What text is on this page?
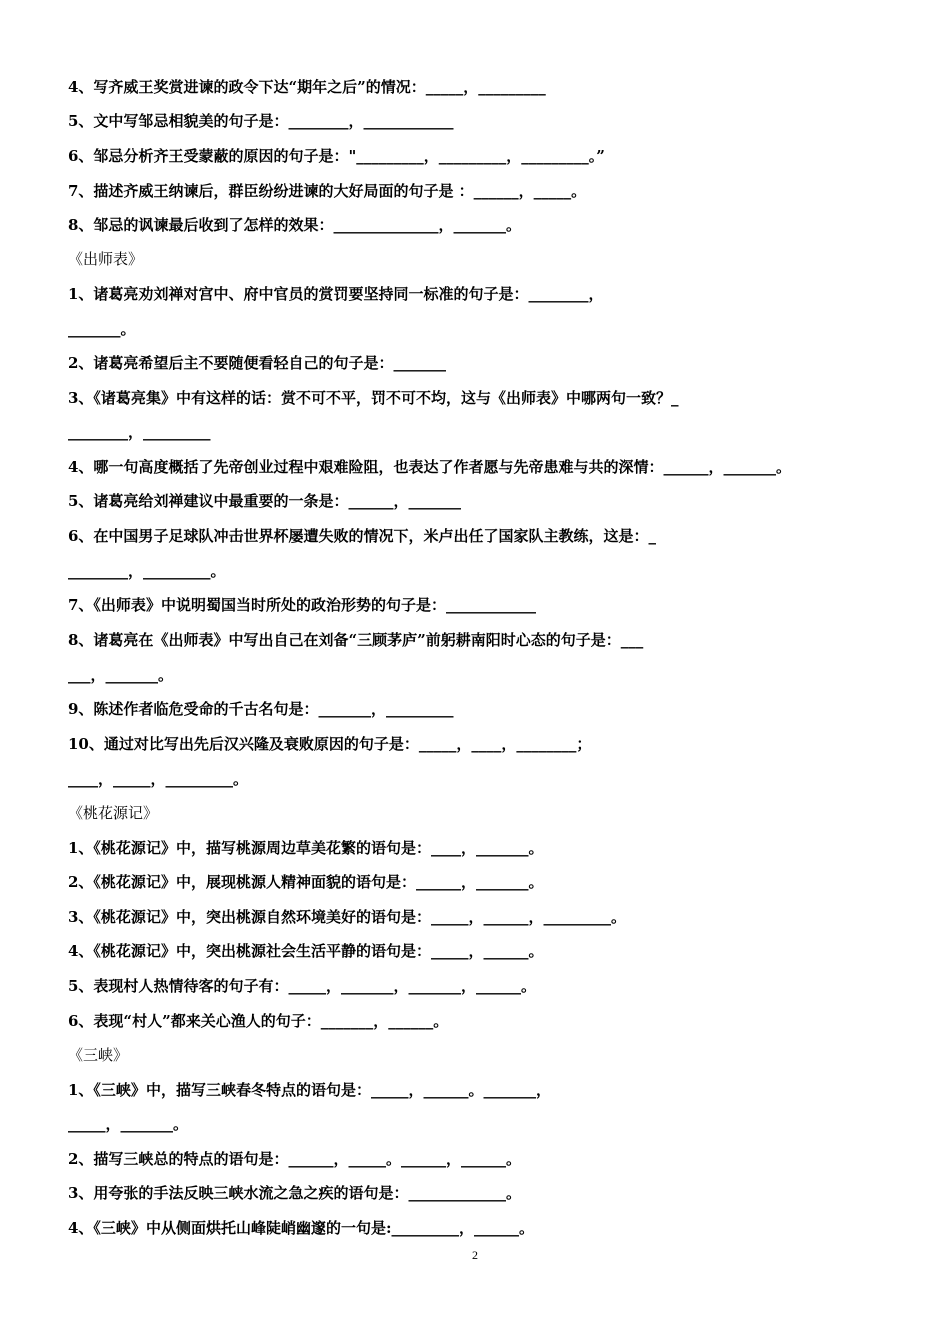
4、写齐威王奖赏进谏的政令下达“期年之后”的情况：_____，_________
5、文中写邹忌相貌美的句子是：________，____________
6、邹忌分析齐王受蒙蔽的原因的句子是："_________，_________，_________。”
7、描述齐威王纳谏后，群臣纷纷进谏的大好局面的句子是 ：______，_____。
8、邹忌的讽谏最后收到了怎样的效果：______________，_______。
《出师表》
1、诸葛亮劝刘禅对宫中、府中官员的赏罚要坚持同一标准的句子是：________，
_______。
2、诸葛亮希望后主不要随便看轻自己的句子是：_______
3、《诸葛亮集》中有这样的话：赏不可不平，罚不可不均，这与《出师表》中哪两句一致？_
________，_________
4、哪一句高度概括了先帝创业过程中艰难险阻，也表达了作者愿与先帝患难与共的深情：______，_______。
5、诸葛亮给刘禅建议中最重要的一条是：______，_______
6、在中国男子足球队冲击世界杯屡遭失败的情况下，米卢出任了国家队主教练，这是：_
________，_________。
7、《出师表》中说明蜀国当时所处的政治形势的句子是：____________
8、诸葛亮在《出师表》中写出自己在刘备“三顾茅庐”前躬耕南阳时心态的句子是：___
___，_______。
9、陈述作者临危受命的千古名句是：_______，_________
10、通过对比写出先后汉兴隆及衰败原因的句子是：_____，____，________；
____，_____，_________。
《桃花源记》
1、《桃花源记》中，描写桃源周边草美花繁的语句是：____，_______。
2、《桃花源记》中，展现桃源人精神面貌的语句是：______，_______。
3、《桃花源记》中，突出桃源自然环境美好的语句是：_____，______，_________。
4、《桃花源记》中，突出桃源社会生活平静的语句是：_____，______。
5、表现村人热情待客的句子有：_____，_______，_______，______。
6、表现“村人”都来关心渔人的句子：_______，______。
《三峡》
1、《三峡》中，描写三峡春冬特点的语句是：_____，______。_______，
_____，_______。
2、描写三峡总的特点的语句是：______，_____。______，______。
3、用夸张的手法反映三峡水流之急之疾的语句是：_____________。
4、《三峡》中从侧面烘托山峰陡峭幽邃的一句是:_________，______。
2
